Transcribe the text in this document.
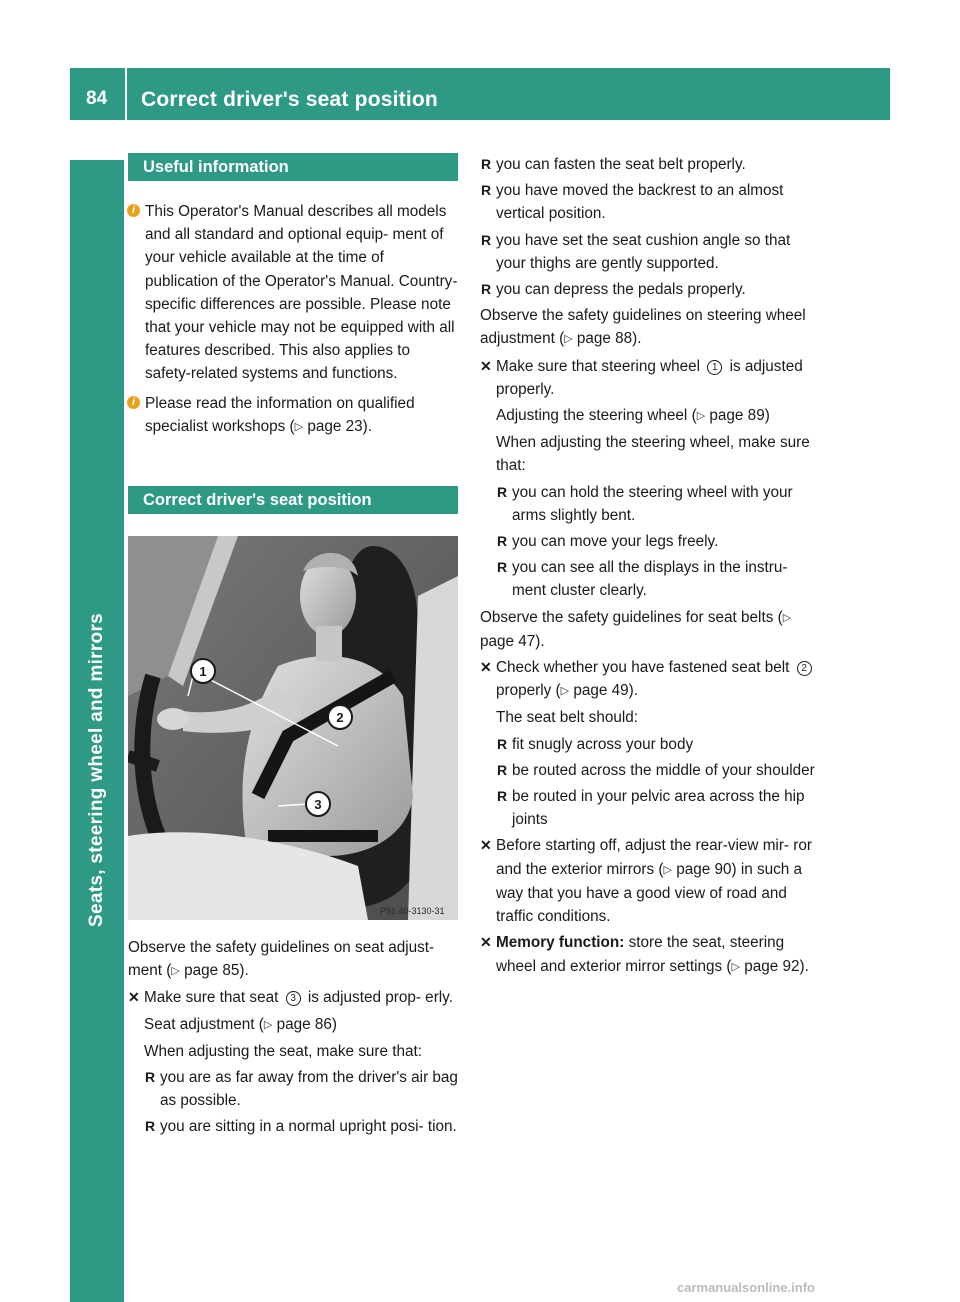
84 Correct driver's seat position
Seats, steering wheel and mirrors
Useful information

i This Operator's Manual describes all models and all standard and optional equip- ment of your vehicle available at the time of publication of the Operator's Manual. Country-specific differences are possible. Please note that your vehicle may not be equipped with all features described. This also applies to safety-related systems and functions.

i Please read the information on qualified specialist workshops (▷ page 23).

Correct driver's seat position
1
2
3
P91.40-3130-31

Observe the safety guidelines on seat adjust- ment (▷ page 85).

✕ Make sure that seat 3 is adjusted prop- erly.

Seat adjustment (▷ page 86)

When adjusting the seat, make sure that:

R you are as far away from the driver's air bag as possible.

R you are sitting in a normal upright posi- tion.

R you can fasten the seat belt properly.

R you have moved the backrest to an almost vertical position.

R you have set the seat cushion angle so that your thighs are gently supported.

R you can depress the pedals properly.

Observe the safety guidelines on steering wheel adjustment (▷ page 88).

✕ Make sure that steering wheel 1 is adjusted properly.

Adjusting the steering wheel (▷ page 89)

When adjusting the steering wheel, make sure that:

R you can hold the steering wheel with your arms slightly bent.

R you can move your legs freely.

R you can see all the displays in the instru- ment cluster clearly.

Observe the safety guidelines for seat belts (▷ page 47).

✕ Check whether you have fastened seat belt 2 properly (▷ page 49).

The seat belt should:

R fit snugly across your body

R be routed across the middle of your shoulder

R be routed in your pelvic area across the hip joints

✕ Before starting off, adjust the rear-view mir- ror and the exterior mirrors (▷ page 90) in such a way that you have a good view of road and traffic conditions.

✕ Memory function: store the seat, steering wheel and exterior mirror settings (▷ page 92).

carmanualsonline.info
